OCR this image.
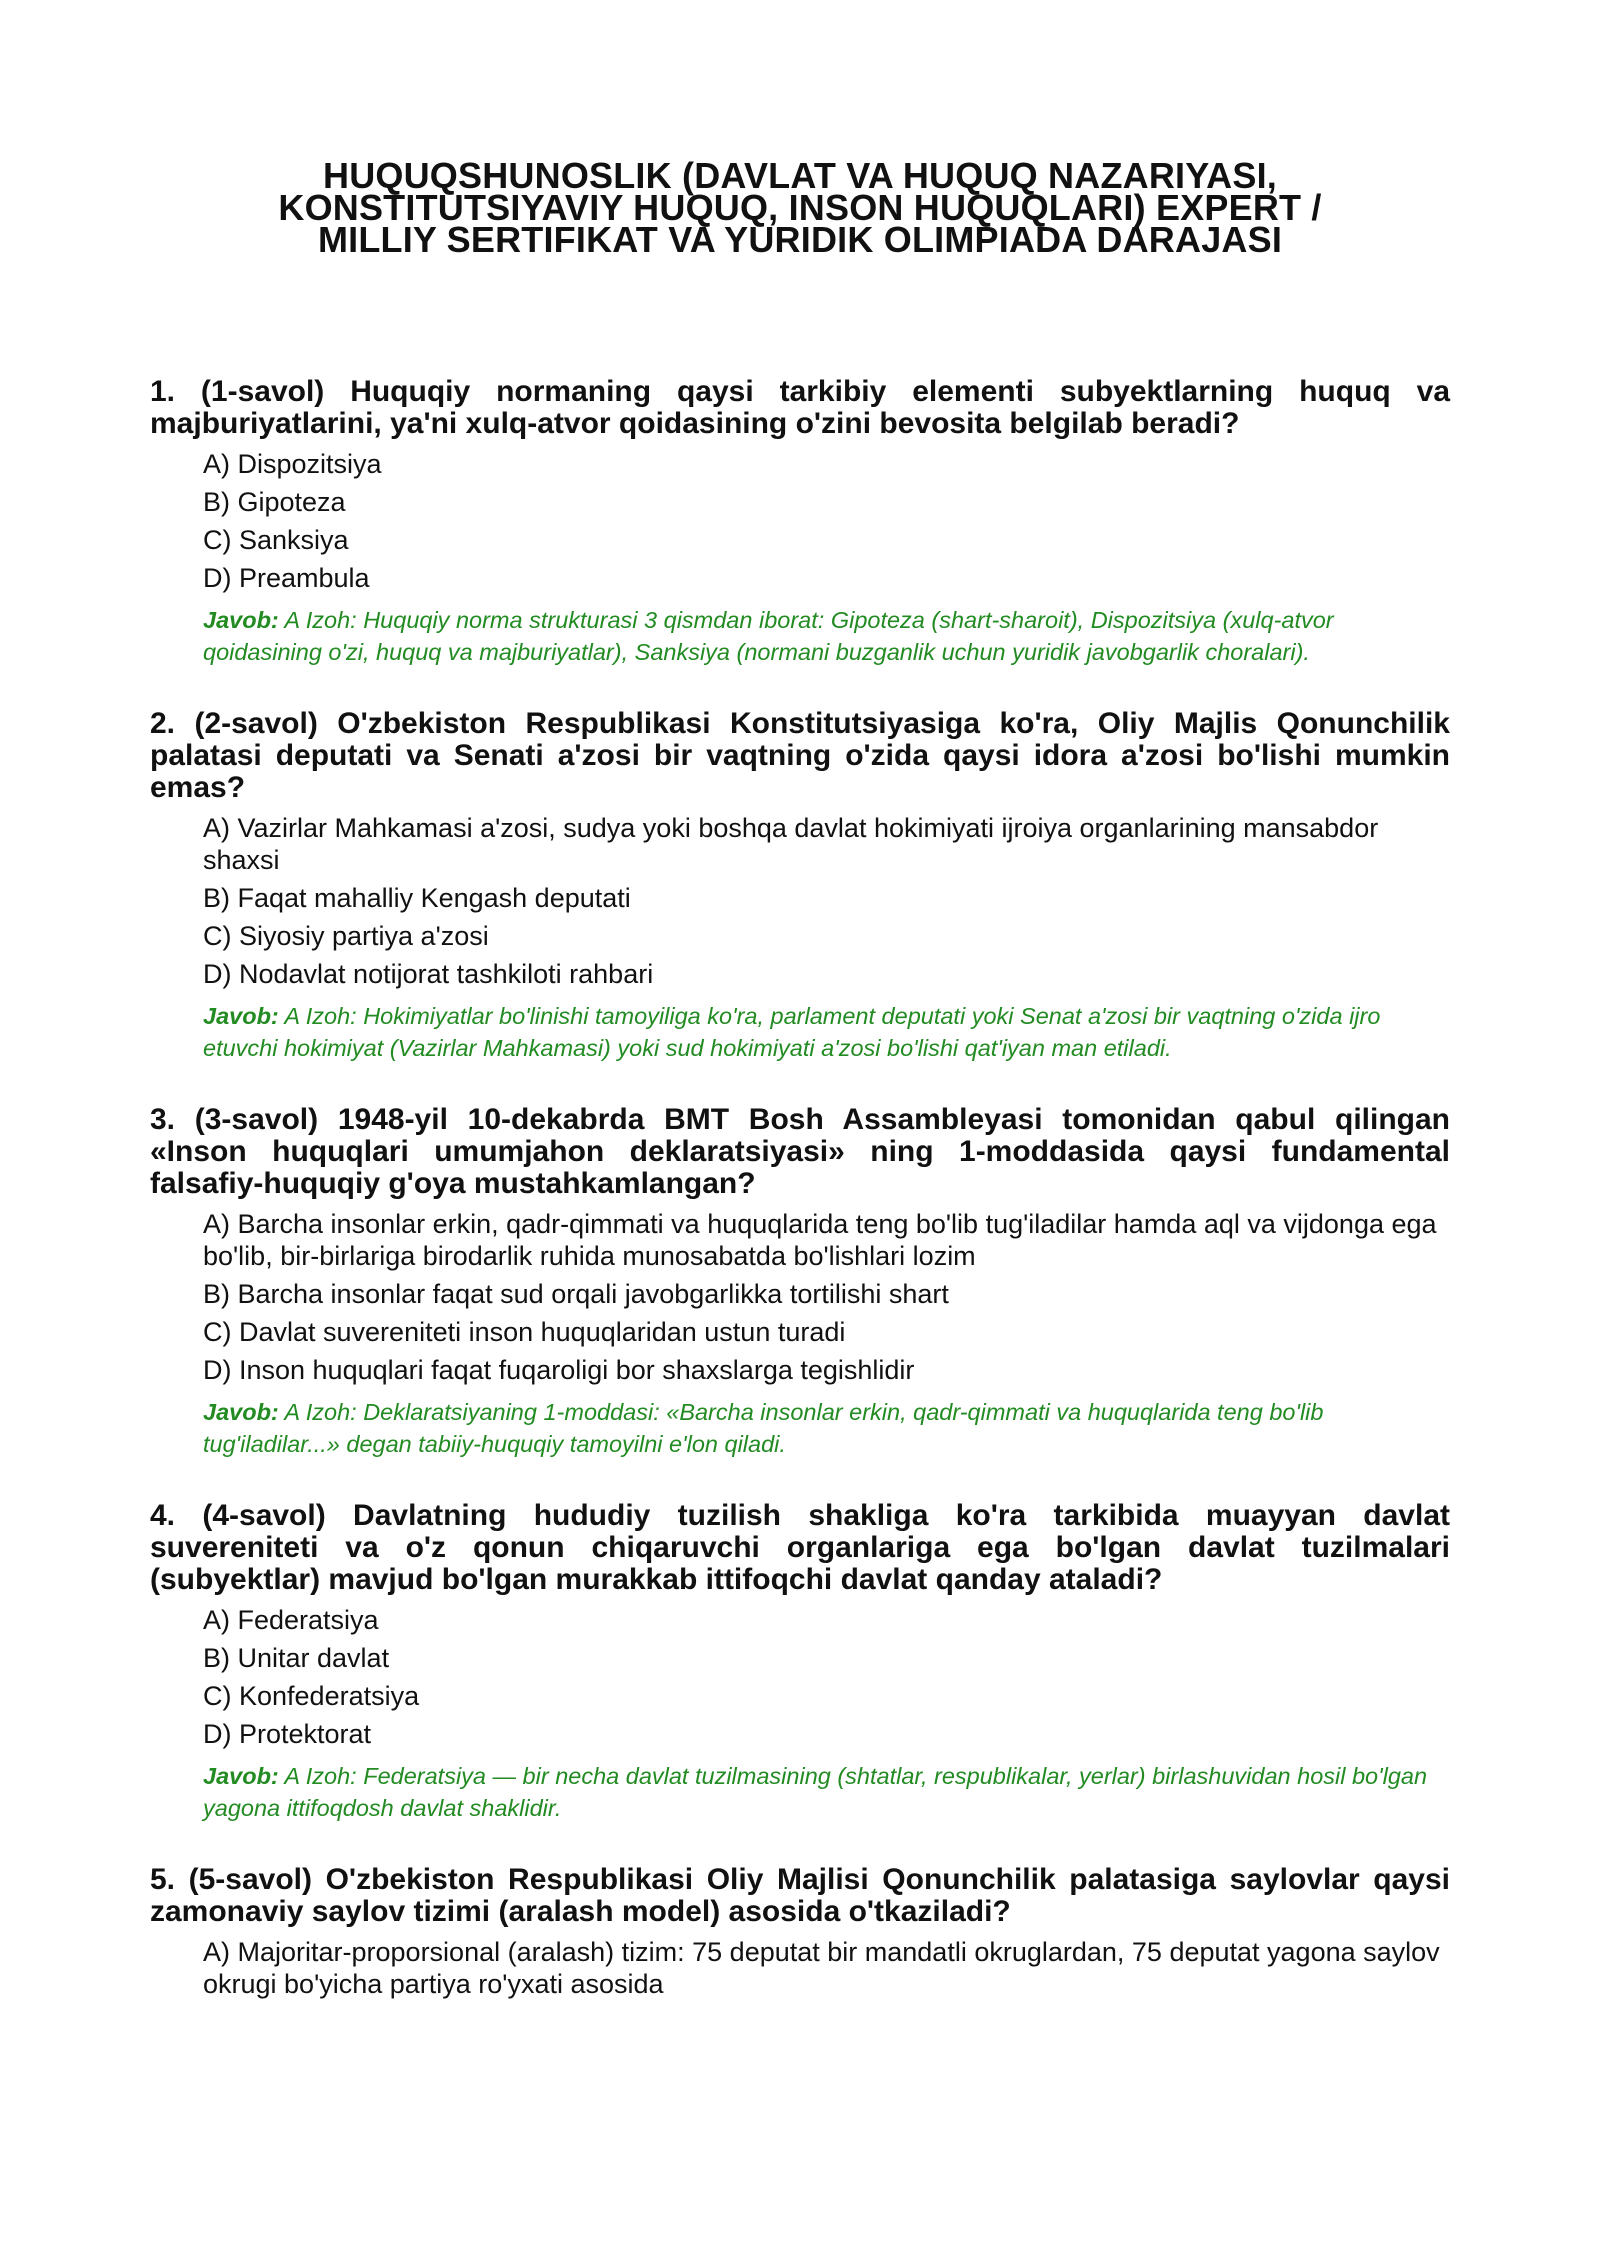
HUQUQSHUNOSLIK (DAVLAT VA HUQUQ NAZARIYASI,
KONSTITUTSIYAVIY HUQUQ, INSON HUQUQLARI) EXPERT /
MILLIY SERTIFIKAT VA YURIDIK OLIMPIADA DARAJASI

1. (1-savol) Huquqiy normaning qaysi tarkibiy elementi subyektlarning huquq va majburiyatlarini, ya'ni xulq-atvor qoidasining o'zini bevosita belgilab beradi?

A) Dispozitsiya
B) Gipoteza
C) Sanksiya
D) Preambula
Javob: A Izoh: Huquqiy norma strukturasi 3 qismdan iborat: Gipoteza (shart-sharoit), Dispozitsiya (xulq-atvor qoidasining o'zi, huquq va majburiyatlar), Sanksiya (normani buzganlik uchun yuridik javobgarlik choralari).

2. (2-savol) O'zbekiston Respublikasi Konstitutsiyasiga ko'ra, Oliy Majlis Qonunchilik palatasi deputati va Senati a'zosi bir vaqtning o'zida qaysi idora a'zosi bo'lishi mumkin emas?

A) Vazirlar Mahkamasi a'zosi, sudya yoki boshqa davlat hokimiyati ijroiya organlarining mansabdor shaxsi
B) Faqat mahalliy Kengash deputati
C) Siyosiy partiya a'zosi
D) Nodavlat notijorat tashkiloti rahbari
Javob: A Izoh: Hokimiyatlar bo'linishi tamoyiliga ko'ra, parlament deputati yoki Senat a'zosi bir vaqtning o'zida ijro etuvchi hokimiyat (Vazirlar Mahkamasi) yoki sud hokimiyati a'zosi bo'lishi qat'iyan man etiladi.

3. (3-savol) 1948-yil 10-dekabrda BMT Bosh Assambleyasi tomonidan qabul qilingan «Inson huquqlari umumjahon deklaratsiyasi» ning 1-moddasida qaysi fundamental falsafiy-huquqiy g'oya mustahkamlangan?

A) Barcha insonlar erkin, qadr-qimmati va huquqlarida teng bo'lib tug'iladilar hamda aql va vijdonga ega bo'lib, bir-birlariga birodarlik ruhida munosabatda bo'lishlari lozim
B) Barcha insonlar faqat sud orqali javobgarlikka tortilishi shart
C) Davlat suvereniteti inson huquqlaridan ustun turadi
D) Inson huquqlari faqat fuqaroligi bor shaxslarga tegishlidir
Javob: A Izoh: Deklaratsiyaning 1-moddasi: «Barcha insonlar erkin, qadr-qimmati va huquqlarida teng bo'lib tug'iladilar...» degan tabiiy-huquqiy tamoyilni e'lon qiladi.

4. (4-savol) Davlatning hududiy tuzilish shakliga ko'ra tarkibida muayyan davlat suvereniteti va o'z qonun chiqaruvchi organlariga ega bo'lgan davlat tuzilmalari (subyektlar) mavjud bo'lgan murakkab ittifoqchi davlat qanday ataladi?

A) Federatsiya
B) Unitar davlat
C) Konfederatsiya
D) Protektorat
Javob: A Izoh: Federatsiya — bir necha davlat tuzilmasining (shtatlar, respublikalar, yerlar) birlashuvidan hosil bo'lgan yagona ittifoqdosh davlat shaklidir.

5. (5-savol) O'zbekiston Respublikasi Oliy Majlisi Qonunchilik palatasiga saylovlar qaysi zamonaviy saylov tizimi (aralash model) asosida o'tkaziladi?

A) Majoritar-proporsional (aralash) tizim: 75 deputat bir mandatli okruglardan, 75 deputat yagona saylov okrugi bo'yicha partiya ro'yxati asosida
